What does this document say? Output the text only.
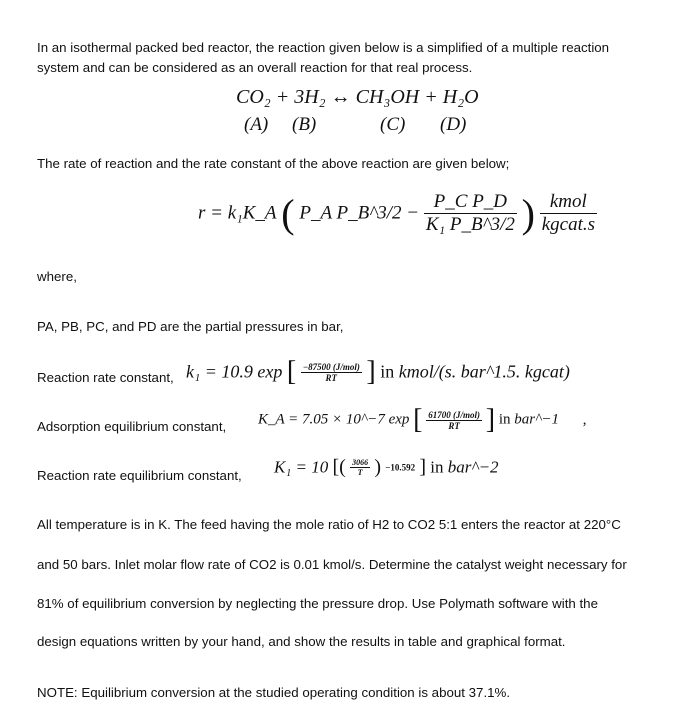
In an isothermal packed bed reactor, the reaction given below is a simplified of a multiple reaction
system and can be considered as an overall reaction for that real process.
CO₂ + 3H₂ ↔ CH₃OH + H₂O
(A) (B)	(C) (D)
The rate of reaction and the rate constant of the above reaction are given below;
r = k₁K_A ( P_A P_B^3/2 − $\frac{\text{P\_C P\_D}}{\text{K₁ P\_B\textasciicircum{}3/2}}$ ) $\frac{\text{kmol}}{\text{kgcat.s}}$
where,
PA, PB, PC, and PD are the partial pressures in bar,
Reaction rate constant, k₁ = 10.9 exp [ $\frac{\text{−87500 (J/mol)}}{RT}$ ] in kmol/(s. bar^1.5. kgcat)
Adsorption equilibrium constant, K_A = 7.05 × 10^−7 exp [ $\frac{\text{61700 (J/mol)}}{RT}$ ] in bar^−1 ,
Reaction rate equilibrium constant, K₁ = 10 [( $\frac{3066}{T}$ ) −10.592 ] in bar^−2
All temperature is in K. The feed having the mole ratio of H2 to CO2 5:1 enters the reactor at 220°C
and 50 bars. Inlet molar flow rate of CO2 is 0.01 kmol/s. Determine the catalyst weight necessary for
81% of equilibrium conversion by neglecting the pressure drop. Use Polymath software with the
design equations written by your hand, and show the results in table and graphical format.
NOTE: Equilibrium conversion at the studied operating condition is about 37.1%.
